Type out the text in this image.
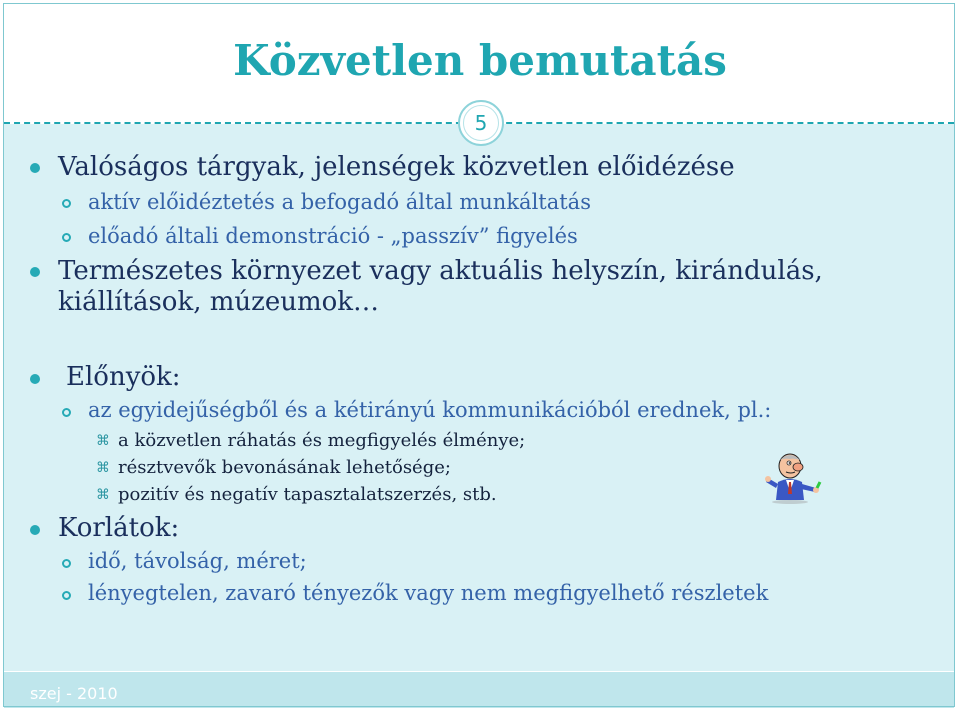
Közvetlen bemutatás
5
Valóságos tárgyak, jelenségek közvetlen előidézése
aktív előidéztetés a befogadó által munkáltatás
előadó általi demonstráció - „passzív” figyelés
Természetes környezet vagy aktuális helyszín, kirándulás,
kiállítások, múzeumok…
Előnyök:
az egyidejűségből és a kétirányú kommunikációból erednek, pl.:
⌘ a közvetlen ráhatás és megfigyelés élménye;
⌘ résztvevők bevonásának lehetősége;
⌘ pozitív és negatív tapasztalatszerzés, stb.
Korlátok:
idő, távolság, méret;
lényegtelen, zavaró tényezők vagy nem megfigyelhető részletek
szej - 2010
